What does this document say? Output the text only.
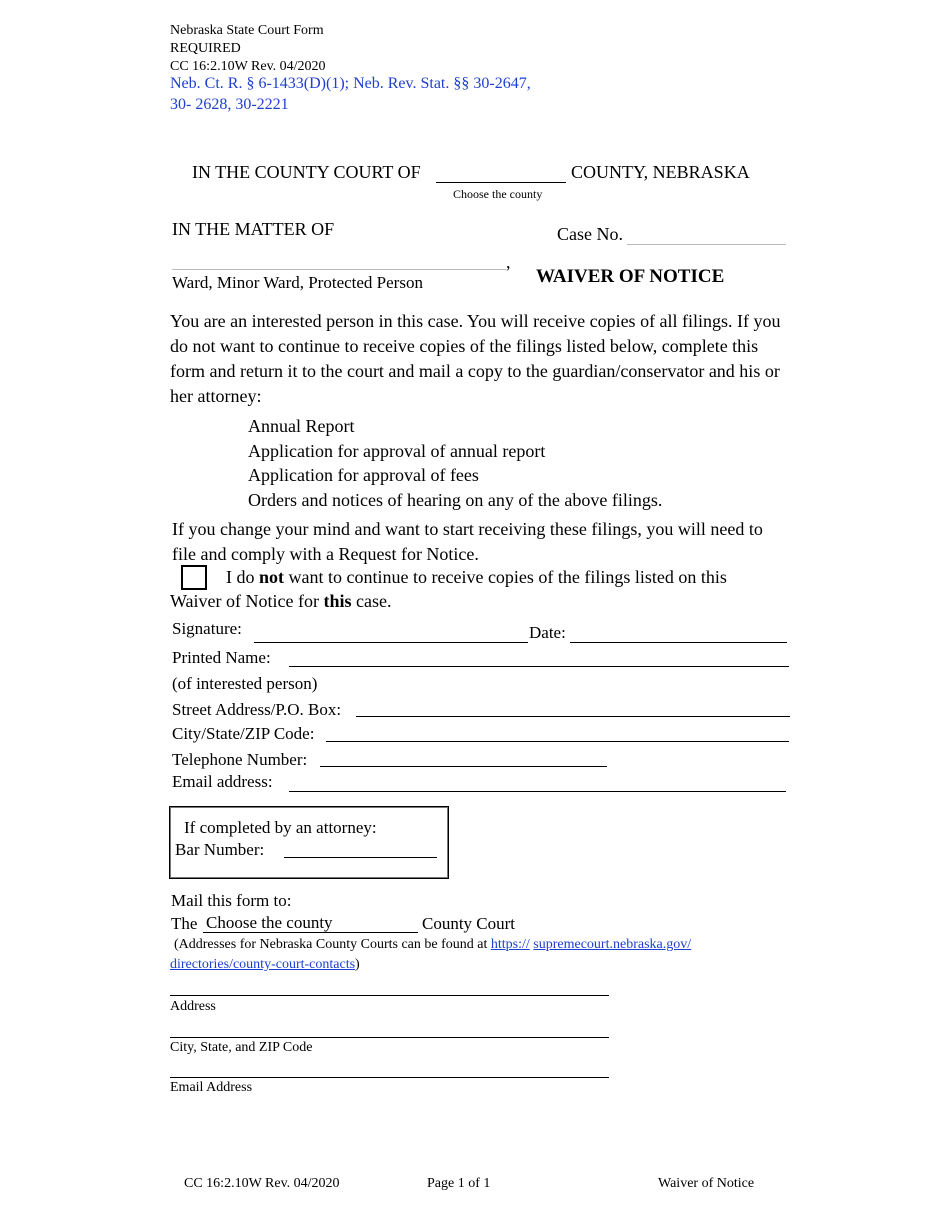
Nebraska State Court Form
REQUIRED
CC 16:2.10W Rev. 04/2020
Neb. Ct. R. § 6-1433(D)(1); Neb. Rev. Stat. §§ 30-2647,
30- 2628, 30-2221
IN THE COUNTY COURT OF	COUNTY, NEBRASKA
Choose the county
IN THE MATTER OF	Case No.
,
Ward, Minor Ward, Protected Person	WAIVER OF NOTICE
You are an interested person in this case. You will receive copies of all filings. If you do not want to continue to receive copies of the filings listed below, complete this form and return it to the court and mail a copy to the guardian/conservator and his or her attorney:
Annual Report
Application for approval of annual report
Application for approval of fees
Orders and notices of hearing on any of the above filings.
If you change your mind and want to start receiving these filings, you will need to file and comply with a Request for Notice.
I do not want to continue to receive copies of the filings listed on this
Waiver of Notice for this case.
Signature:	Date:
Printed Name:
(of interested person)
Street Address/P.O. Box:
City/State/ZIP Code:
Telephone Number:
Email address:
If completed by an attorney:
Bar Number:
Mail this form to:
The Choose the county	County Court
(Addresses for Nebraska County Courts can be found at https:// supremecourt.nebraska.gov/
directories/county-court-contacts)
Address
City, State, and ZIP Code
Email Address
CC 16:2.10W Rev. 04/2020	Page 1 of 1	Waiver of Notice
